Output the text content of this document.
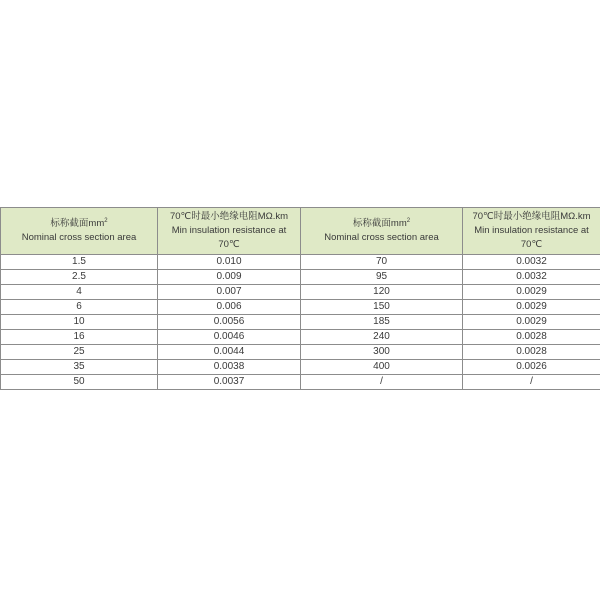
标称截面$mm^2$
Nominal cross section area	70℃时最小绝缘电阻MΩ.km
Min insulation resistance at
70℃	标称截面$mm^2$
Nominal cross section area	70℃时最小绝缘电阻MΩ.km
Min insulation resistance at
70℃

1.5	0.010	70	0.0032
2.5	0.009	95	0.0032
4	0.007	120	0.0029
6	0.006	150	0.0029
10	0.0056	185	0.0029
16	0.0046	240	0.0028
25	0.0044	300	0.0028
35	0.0038	400	0.0026
50	0.0037	/	/
